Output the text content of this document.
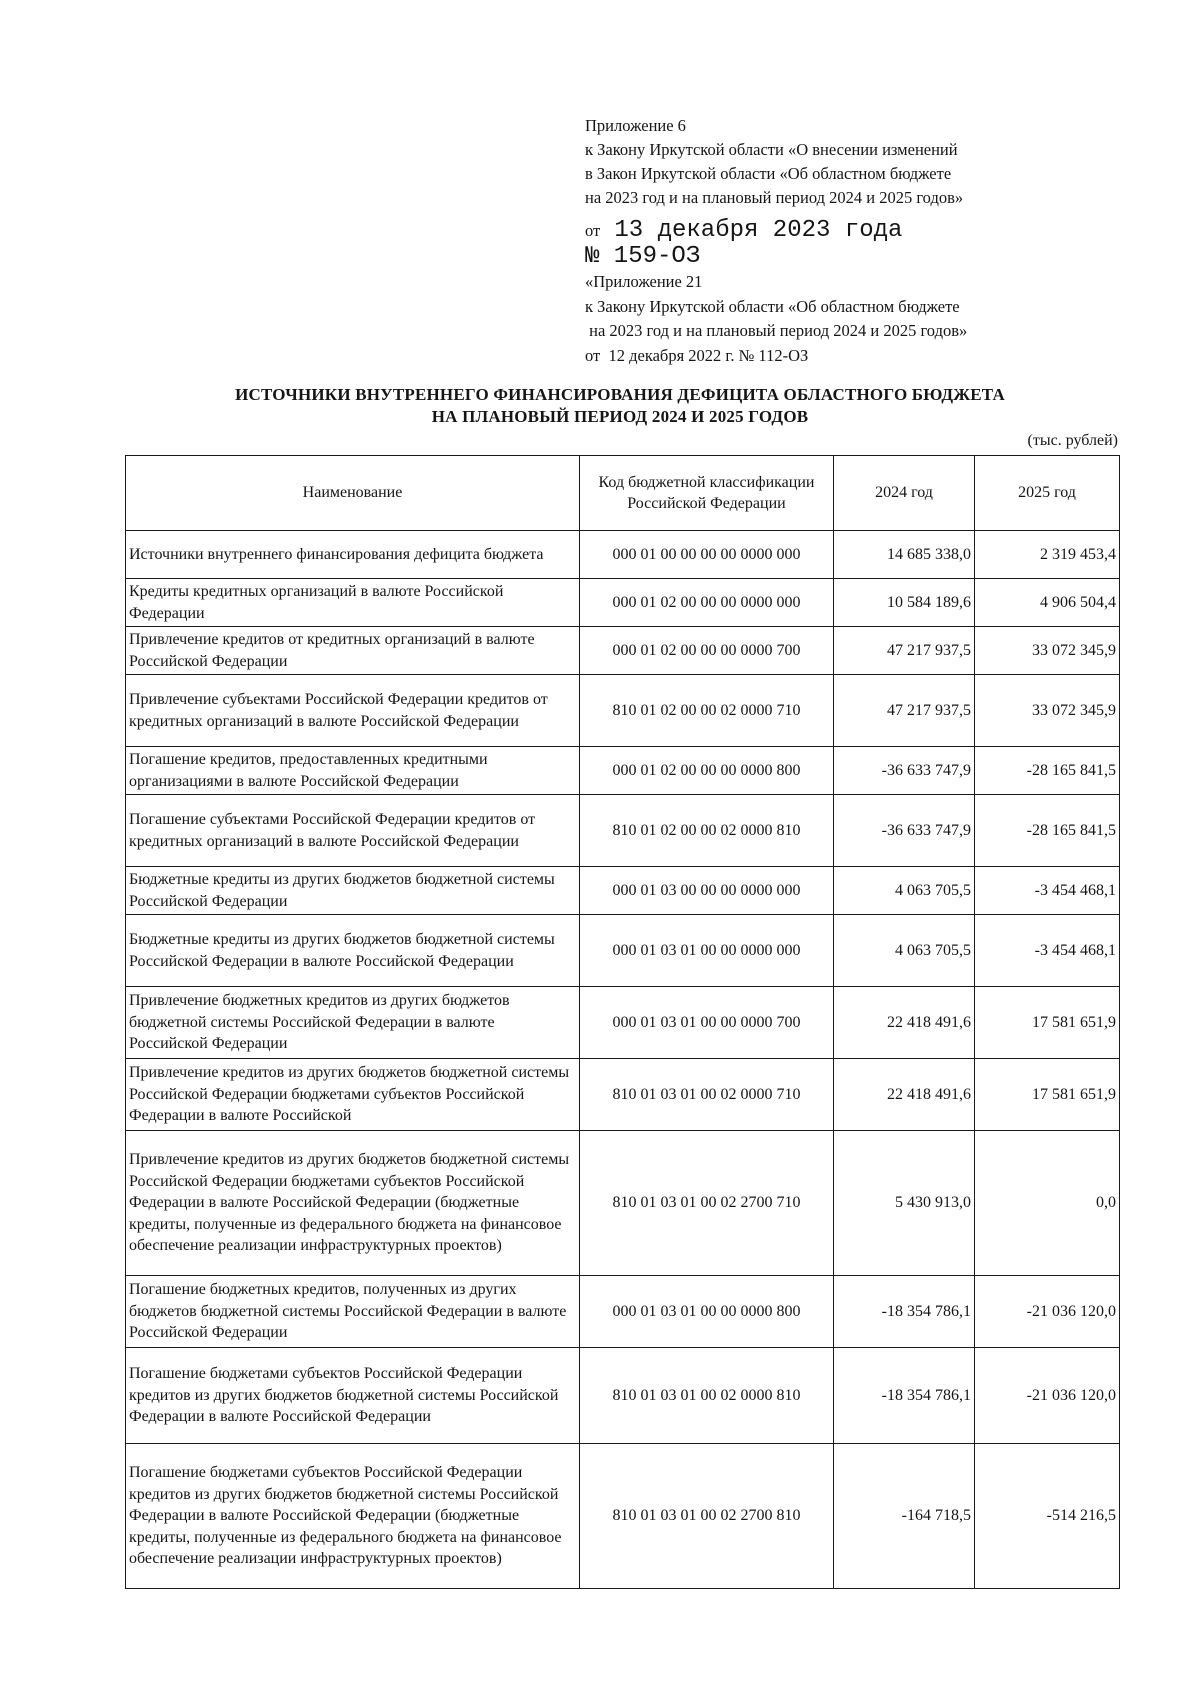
Приложение 6
к Закону Иркутской области «О внесении изменений
в Закон Иркутской области «Об областном бюджете
на 2023 год и на плановый период 2024 и 2025 годов»
от 13 декабря 2023 года
№ 159-ОЗ
«Приложение 21
к Закону Иркутской области «Об областном бюджете
на 2023 год и на плановый период 2024 и 2025 годов»
от  12 декабря 2022 г. № 112-ОЗ
ИСТОЧНИКИ ВНУТРЕННЕГО ФИНАНСИРОВАНИЯ ДЕФИЦИТА ОБЛАСТНОГО БЮДЖЕТА
НА ПЛАНОВЫЙ ПЕРИОД 2024 И 2025 ГОДОВ
(тыс. рублей)
Наименование	Код бюджетной классификации Российской Федерации	2024 год	2025 год
Источники внутреннего финансирования дефицита бюджета	000 01 00 00 00 00 0000 000	14 685 338,0	2 319 453,4
Кредиты кредитных организаций в валюте Российской Федерации	000 01 02 00 00 00 0000 000	10 584 189,6	4 906 504,4
Привлечение кредитов от кредитных организаций в валюте Российской Федерации	000 01 02 00 00 00 0000 700	47 217 937,5	33 072 345,9
Привлечение субъектами Российской Федерации кредитов от кредитных организаций в валюте Российской Федерации	810 01 02 00 00 02 0000 710	47 217 937,5	33 072 345,9
Погашение кредитов, предоставленных кредитными организациями в валюте Российской Федерации	000 01 02 00 00 00 0000 800	-36 633 747,9	-28 165 841,5
Погашение субъектами Российской Федерации кредитов от кредитных организаций в валюте Российской Федерации	810 01 02 00 00 02 0000 810	-36 633 747,9	-28 165 841,5
Бюджетные кредиты из других бюджетов бюджетной системы Российской Федерации	000 01 03 00 00 00 0000 000	4 063 705,5	-3 454 468,1
Бюджетные кредиты из других бюджетов бюджетной системы Российской Федерации в валюте Российской Федерации	000 01 03 01 00 00 0000 000	4 063 705,5	-3 454 468,1
Привлечение бюджетных кредитов из других бюджетов бюджетной системы Российской Федерации в валюте Российской Федерации	000 01 03 01 00 00 0000 700	22 418 491,6	17 581 651,9
Привлечение кредитов из других бюджетов бюджетной системы Российской Федерации бюджетами субъектов Российской Федерации в валюте Российской	810 01 03 01 00 02 0000 710	22 418 491,6	17 581 651,9
Привлечение кредитов из других бюджетов бюджетной системы Российской Федерации бюджетами субъектов Российской Федерации в валюте Российской Федерации (бюджетные кредиты, полученные из федерального бюджета на финансовое обеспечение реализации инфраструктурных проектов)	810 01 03 01 00 02 2700 710	5 430 913,0	0,0
Погашение бюджетных кредитов, полученных из других бюджетов бюджетной системы Российской Федерации в валюте Российской Федерации	000 01 03 01 00 00 0000 800	-18 354 786,1	-21 036 120,0
Погашение бюджетами субъектов Российской Федерации кредитов из других бюджетов бюджетной системы Российской Федерации в валюте Российской Федерации	810 01 03 01 00 02 0000 810	-18 354 786,1	-21 036 120,0
Погашение бюджетами субъектов Российской Федерации кредитов из других бюджетов бюджетной системы Российской Федерации в валюте Российской Федерации (бюджетные кредиты, полученные из федерального бюджета на финансовое обеспечение реализации инфраструктурных проектов)	810 01 03 01 00 02 2700 810	-164 718,5	-514 216,5
